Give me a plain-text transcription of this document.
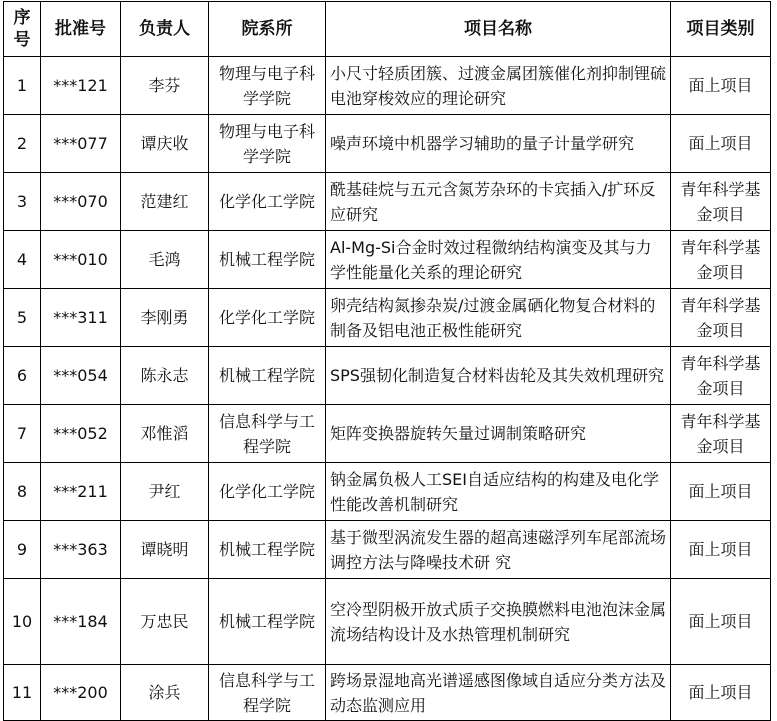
序号	批准号	负责人	院系所	项目名称	项目类别
1	***121	李芬	物理与电子科学学院	小尺寸轻质团簇、过渡金属团簇催化剂抑制锂硫电池穿梭效应的理论研究	面上项目
2	***077	谭庆收	物理与电子科学学院	噪声环境中机器学习辅助的量子计量学研究	面上项目
3	***070	范建红	化学化工学院	酰基硅烷与五元含氮芳杂环的卡宾插入/扩环反应研究	青年科学基金项目
4	***010	毛鸿	机械工程学院	Al-Mg-Si合金时效过程微纳结构演变及其与力学性能量化关系的理论研究	青年科学基金项目
5	***311	李刚勇	化学化工学院	卵壳结构氮掺杂炭/过渡金属硒化物复合材料的制备及铝电池正极性能研究	青年科学基金项目
6	***054	陈永志	机械工程学院	SPS强韧化制造复合材料齿轮及其失效机理研究	青年科学基金项目
7	***052	邓惟滔	信息科学与工程学院	矩阵变换器旋转矢量过调制策略研究	青年科学基金项目
8	***211	尹红	化学化工学院	钠金属负极人工SEI自适应结构的构建及电化学性能改善机制研究	面上项目
9	***363	谭晓明	机械工程学院	基于微型涡流发生器的超高速磁浮列车尾部流场调控方法与降噪技术研 究	面上项目
10	***184	万忠民	机械工程学院	空冷型阴极开放式质子交换膜燃料电池泡沫金属流场结构设计及水热管理机制研究	面上项目
11	***200	涂兵	信息科学与工程学院	跨场景湿地高光谱遥感图像域自适应分类方法及动态监测应用	面上项目
